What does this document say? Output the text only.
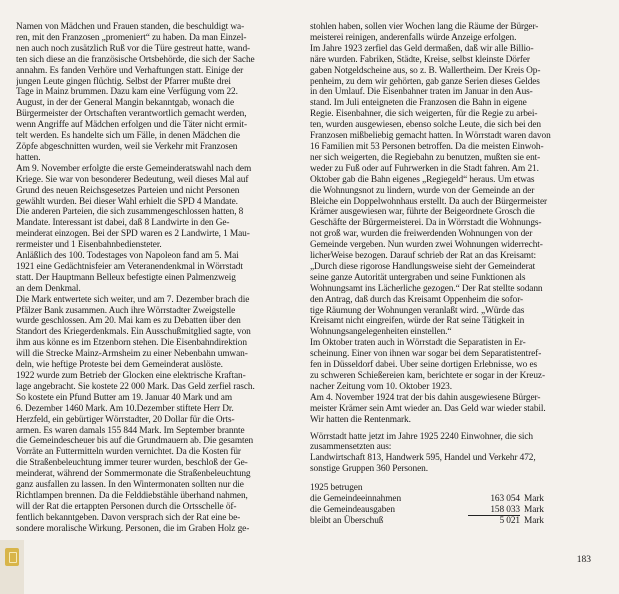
Namen von Mädchen und Frauen standen, die beschuldigt wa-
ren, mit den Franzosen „promeniert“ zu haben. Da man Einzel-
nen auch noch zusätzlich Ruß vor die Türe gestreut hatte, wand-
ten sich diese an die französische Ortsbehörde, die sich der Sache
annahm. Es fanden Verhöre und Verhaftungen statt. Einige der
jungen Leute gingen flüchtig. Selbst der Pfarrer mußte drei
Tage in Mainz brummen. Dazu kam eine Verfügung vom 22.
August, in der der General Mangin bekanntgab, wonach die
Bürgermeister der Ortschaften verantwortlich gemacht werden,
wenn Angriffe auf Mädchen erfolgen und die Täter nicht ermit-
telt werden. Es handelte sich um Fälle, in denen Mädchen die
Zöpfe abgeschnitten wurden, weil sie Verkehr mit Franzosen
hatten.
Am 9. November erfolgte die erste Gemeinderatswahl nach dem
Kriege. Sie war von besonderer Bedeutung, weil dieses Mal auf
Grund des neuen Reichsgesetzes Parteien und nicht Personen
gewählt wurden. Bei dieser Wahl erhielt die SPD 4 Mandate.
Die anderen Parteien, die sich zusammengeschlossen hatten, 8
Mandate. Interessant ist dabei, daß 8 Landwirte in den Ge-
meinderat einzogen. Bei der SPD waren es 2 Landwirte, 1 Mau-
rermeister und 1 Eisenbahnbediensteter.
Anläßlich des 100. Todestages von Napoleon fand am 5. Mai
1921 eine Gedächtnisfeier am Veteranendenkmal in Wörrstadt
statt. Der Hauptmann Belleux befestigte einen Palmenzweig
an dem Denkmal.
Die Mark entwertete sich weiter, und am 7. Dezember brach die
Pfälzer Bank zusammen. Auch ihre Wörrstadter Zweigstelle
wurde geschlossen. Am 20. Mai kam es zu Debatten über den
Standort des Kriegerdenkmals. Ein Ausschußmitglied sagte, von
ihm aus könne es im Etzenborn stehen. Die Eisenbahndirektion
will die Strecke Mainz-Armsheim zu einer Nebenbahn umwan-
deln, wie heftige Proteste bei dem Gemeinderat auslöste.
1922 wurde zum Betrieb der Glocken eine elektrische Kraftan-
lage angebracht. Sie kostete 22 000 Mark. Das Geld zerfiel rasch.
So kostete ein Pfund Butter am 19. Januar 40 Mark und am
6. Dezember 1460 Mark. Am 10.Dezember stiftete Herr Dr.
Herzfeld, ein gebürtiger Wörrstadter, 20 Dollar für die Orts-
armen. Es waren damals 155 844 Mark. Im September brannte
die Gemeindescheuer bis auf die Grundmauern ab. Die gesamten
Vorräte an Futtermitteln wurden vernichtet. Da die Kosten für
die Straßenbeleuchtung immer teurer wurden, beschloß der Ge-
meinderat, während der Sommermonate die Straßenbeleuchtung
ganz ausfallen zu lassen. In den Wintermonaten sollten nur die
Richtlampen brennen. Da die Felddiebstähle überhand nahmen,
will der Rat die ertappten Personen durch die Ortsschelle öf-
fentlich bekanntgeben. Davon versprach sich der Rat eine be-
sondere moralische Wirkung. Personen, die im Graben Holz ge-
stohlen haben, sollen vier Wochen lang die Räume der Bürger-
meisterei reinigen, anderenfalls würde Anzeige erfolgen.
Im Jahre 1923 zerfiel das Geld dermaßen, daß wir alle Billio-
näre wurden. Fabriken, Städte, Kreise, selbst kleinste Dörfer
gaben Notgeldscheine aus, so z. B. Wallertheim. Der Kreis Op-
penheim, zu dem wir gehörten, gab ganze Serien dieses Geldes
in den Umlauf. Die Eisenbahner traten im Januar in den Aus-
stand. Im Juli enteigneten die Franzosen die Bahn in eigene
Regie. Eisenbahner, die sich weigerten, für die Regie zu arbei-
ten, wurden ausgewiesen, ebenso solche Leute, die sich bei den
Franzosen mißbeliebig gemacht hatten. In Wörrstadt waren davon
16 Familien mit 53 Personen betroffen. Da die meisten Einwoh-
ner sich weigerten, die Regiebahn zu benutzen, mußten sie ent-
weder zu Fuß oder auf Fuhrwerken in die Stadt fahren. Am 21.
Oktober gab die Bahn eigenes „Regiegeld“ heraus. Um etwas
die Wohnungsnot zu lindern, wurde von der Gemeinde an der
Bleiche ein Doppelwohnhaus erstellt. Da auch der Bürgermeister
Krämer ausgewiesen war, führte der Beigeordnete Grosch die
Geschäfte der Bürgermeisterei. Da in Wörrstadt die Wohnungs-
not groß war, wurden die freiwerdenden Wohnungen von der
Gemeinde vergeben. Nun wurden zwei Wohnungen widerrecht-
licherWeise bezogen. Darauf schrieb der Rat an das Kreisamt:
„Durch diese rigorose Handlungsweise sieht der Gemeinderat
seine ganze Autorität untergraben und seine Funktionen als
Wohnungsamt ins Lächerliche gezogen.“ Der Rat stellte sodann
den Antrag, daß durch das Kreisamt Oppenheim die sofor-
tige Räumung der Wohnungen veranlaßt wird. „Würde das
Kreisamt nicht eingreifen, würde der Rat seine Tätigkeit in
Wohnungsangelegenheiten einstellen.“
Im Oktober traten auch in Wörrstadt die Separatisten in Er-
scheinung. Einer von ihnen war sogar bei dem Separatistentref-
fen in Düsseldorf dabei. Über seine dortigen Erlebnisse, wo es
zu schweren Schießereien kam, berichtete er sogar in der Kreuz-
nacher Zeitung vom 10. Oktober 1923.
Am 4. November 1924 trat der bis dahin ausgewiesene Bürger-
meister Krämer sein Amt wieder an. Das Geld war wieder stabil.
Wir hatten die Rentenmark.
Wörrstadt hatte jetzt im Jahre 1925 2240 Einwohner, die sich
zusammensetzten aus:
Landwirtschaft 813, Handwerk 595, Handel und Verkehr 472,
sonstige Gruppen 360 Personen.
1925 betrugen
die Gemeindeeinnahmen	163 054 Mark
die Gemeindeausgaben	158 033 Mark
bleibt an Überschuß	5 021 Mark
183
